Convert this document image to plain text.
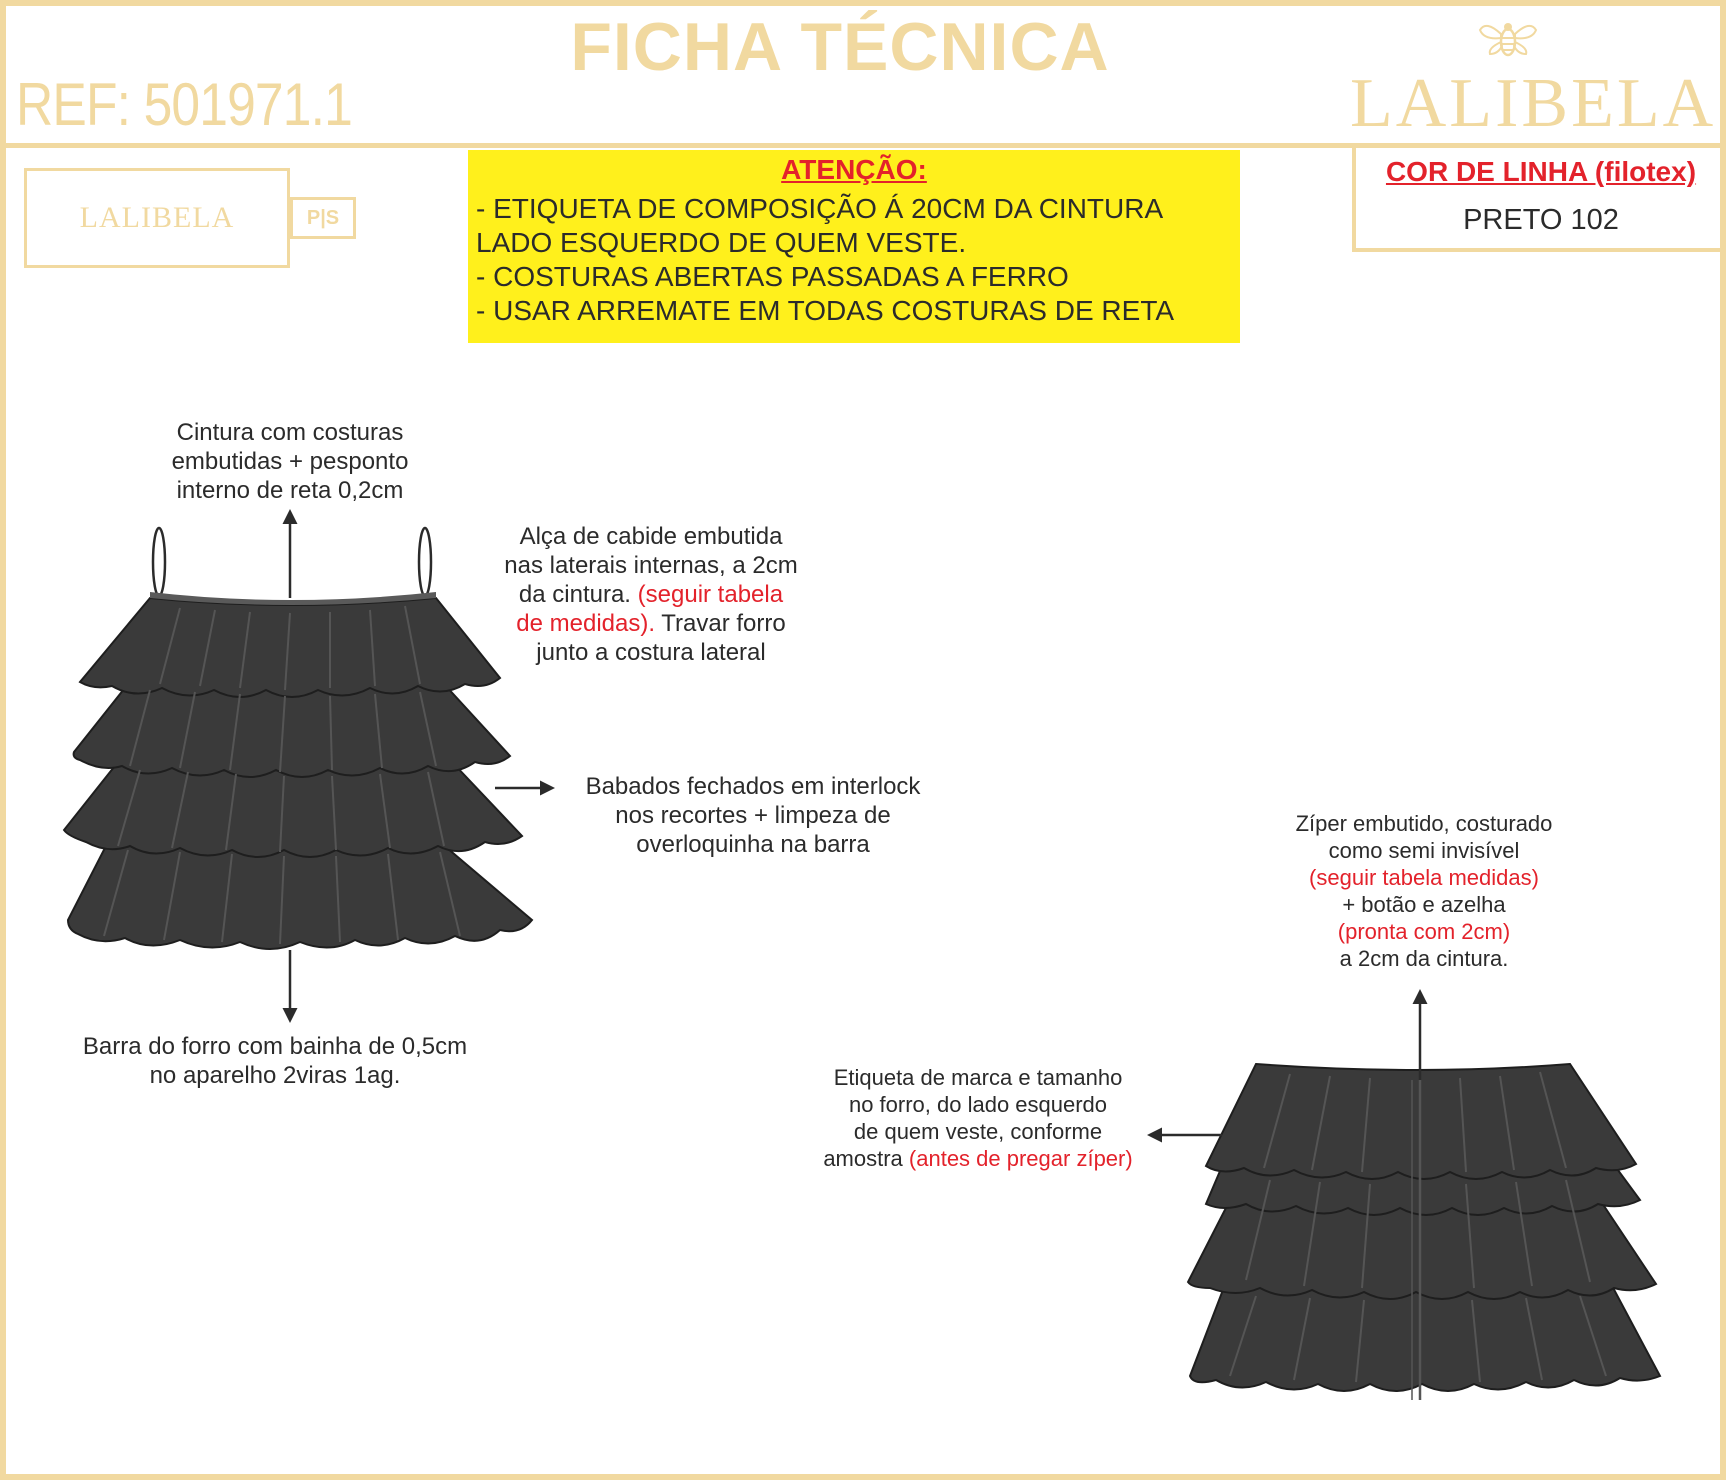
FICHA TÉCNICA
REF: 501971.1	LALIBELA
LALIBELA	P|S
ATENÇÃO:
- ETIQUETA DE COMPOSIÇÃO Á 20CM DA CINTURA
LADO ESQUERDO DE QUEM VESTE.
- COSTURAS ABERTAS PASSADAS A FERRO
- USAR ARREMATE EM TODAS COSTURAS DE RETA
COR DE LINHA (filotex)
PRETO 102
Cintura com costuras
embutidas + pesponto
interno de reta 0,2cm
Alça de cabide embutida
nas laterais internas, a 2cm
da cintura. (seguir tabela
de medidas). Travar forro
junto a costura lateral
Babados fechados em interlock
nos recortes + limpeza de
overloquinha na barra
Barra do forro com bainha de 0,5cm
no aparelho 2viras 1ag.
Zíper embutido, costurado
como semi invisível
(seguir tabela medidas)
+ botão e azelha
(pronta com 2cm)
a 2cm da cintura.
Etiqueta de marca e tamanho
no forro, do lado esquerdo
de quem veste, conforme
amostra (antes de pregar zíper)
